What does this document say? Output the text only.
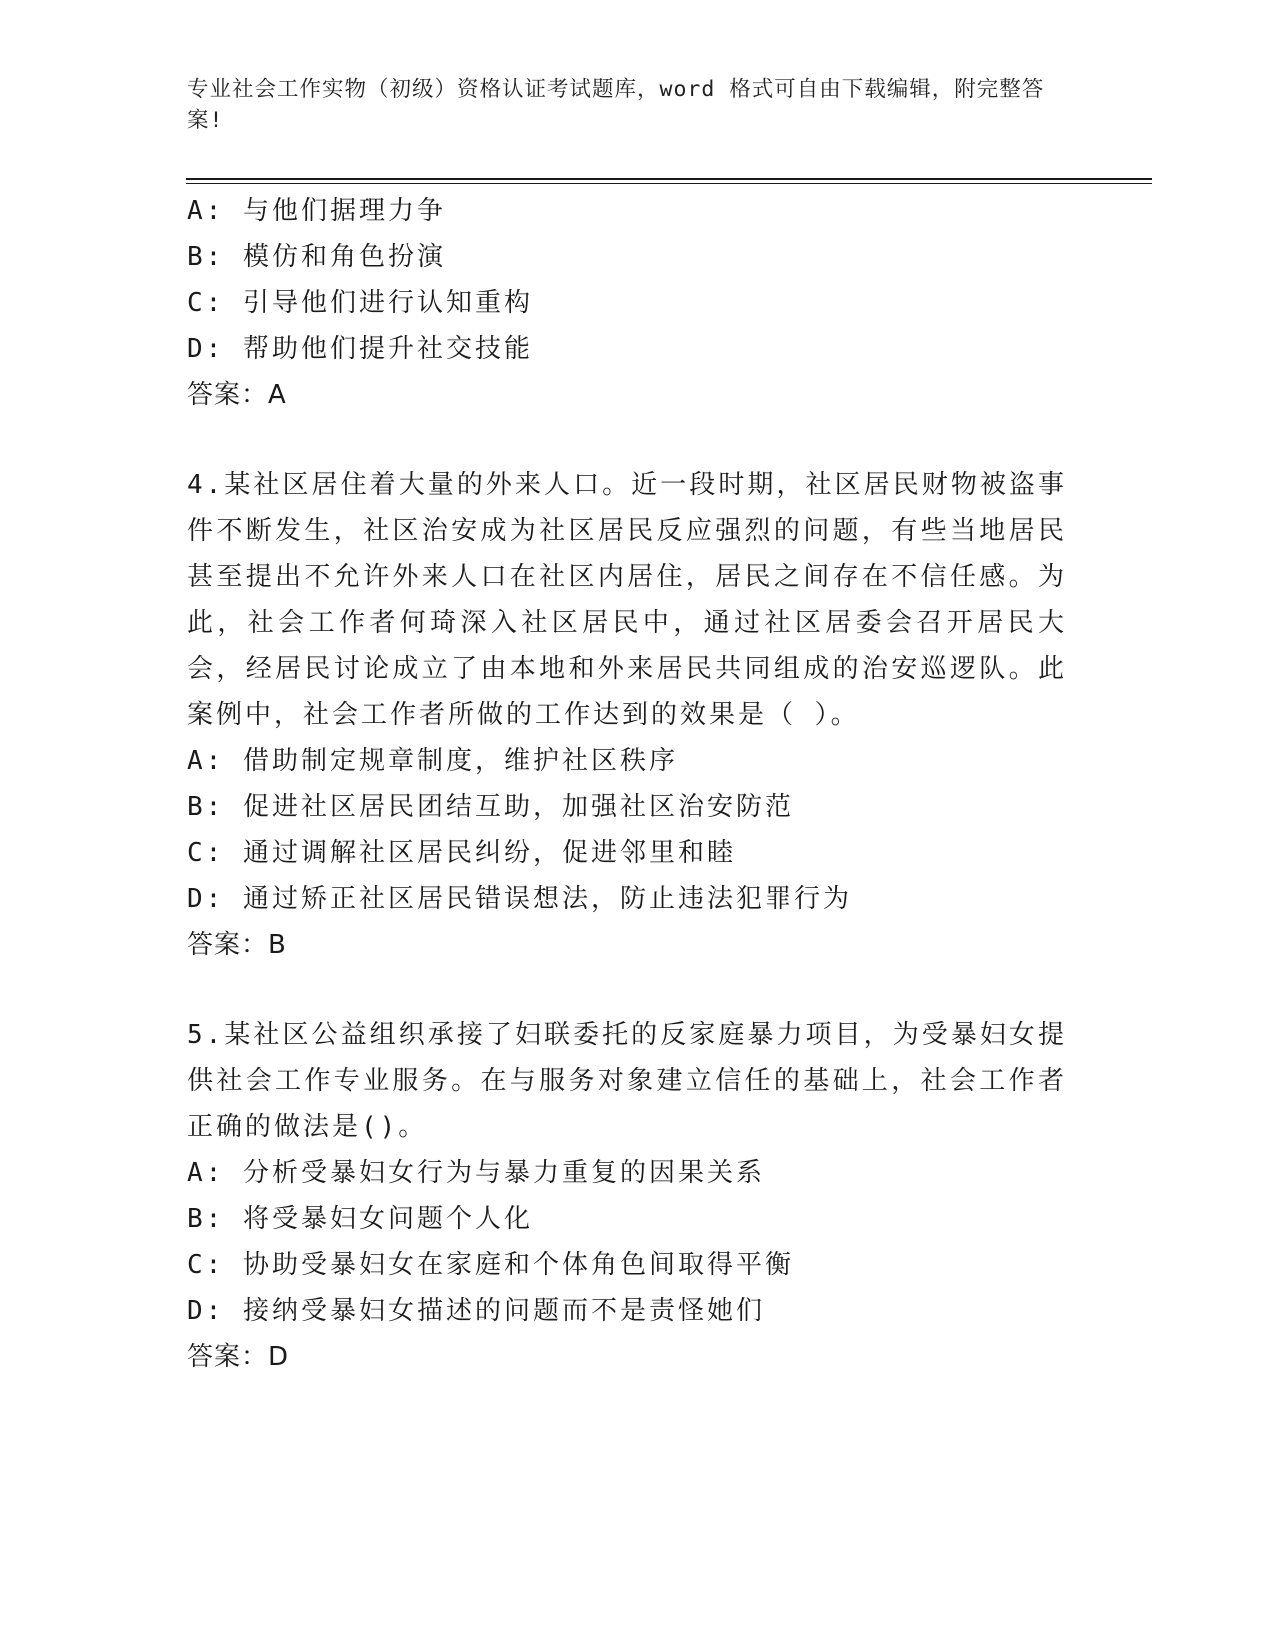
专业社会工作实物（初级）资格认证考试题库，word 格式可自由下载编辑，附完整答案!
A: 与他们据理力争
B: 模仿和角色扮演
C: 引导他们进行认知重构
D: 帮助他们提升社交技能
答案：A
4.某社区居住着大量的外来人口。近一段时期，社区居民财物被盗事件不断发生，社区治安成为社区居民反应强烈的问题，有些当地居民甚至提出不允许外来人口在社区内居住，居民之间存在不信任感。为此，社会工作者何琦深入社区居民中，通过社区居委会召开居民大会，经居民讨论成立了由本地和外来居民共同组成的治安巡逻队。此案例中，社会工作者所做的工作达到的效果是（ ）。
A: 借助制定规章制度，维护社区秩序
B: 促进社区居民团结互助，加强社区治安防范
C: 通过调解社区居民纠纷，促进邻里和睦
D: 通过矫正社区居民错误想法，防止违法犯罪行为
答案：B
5.某社区公益组织承接了妇联委托的反家庭暴力项目，为受暴妇女提供社会工作专业服务。在与服务对象建立信任的基础上，社会工作者正确的做法是()。
A: 分析受暴妇女行为与暴力重复的因果关系
B: 将受暴妇女问题个人化
C: 协助受暴妇女在家庭和个体角色间取得平衡
D: 接纳受暴妇女描述的问题而不是责怪她们
答案：D
